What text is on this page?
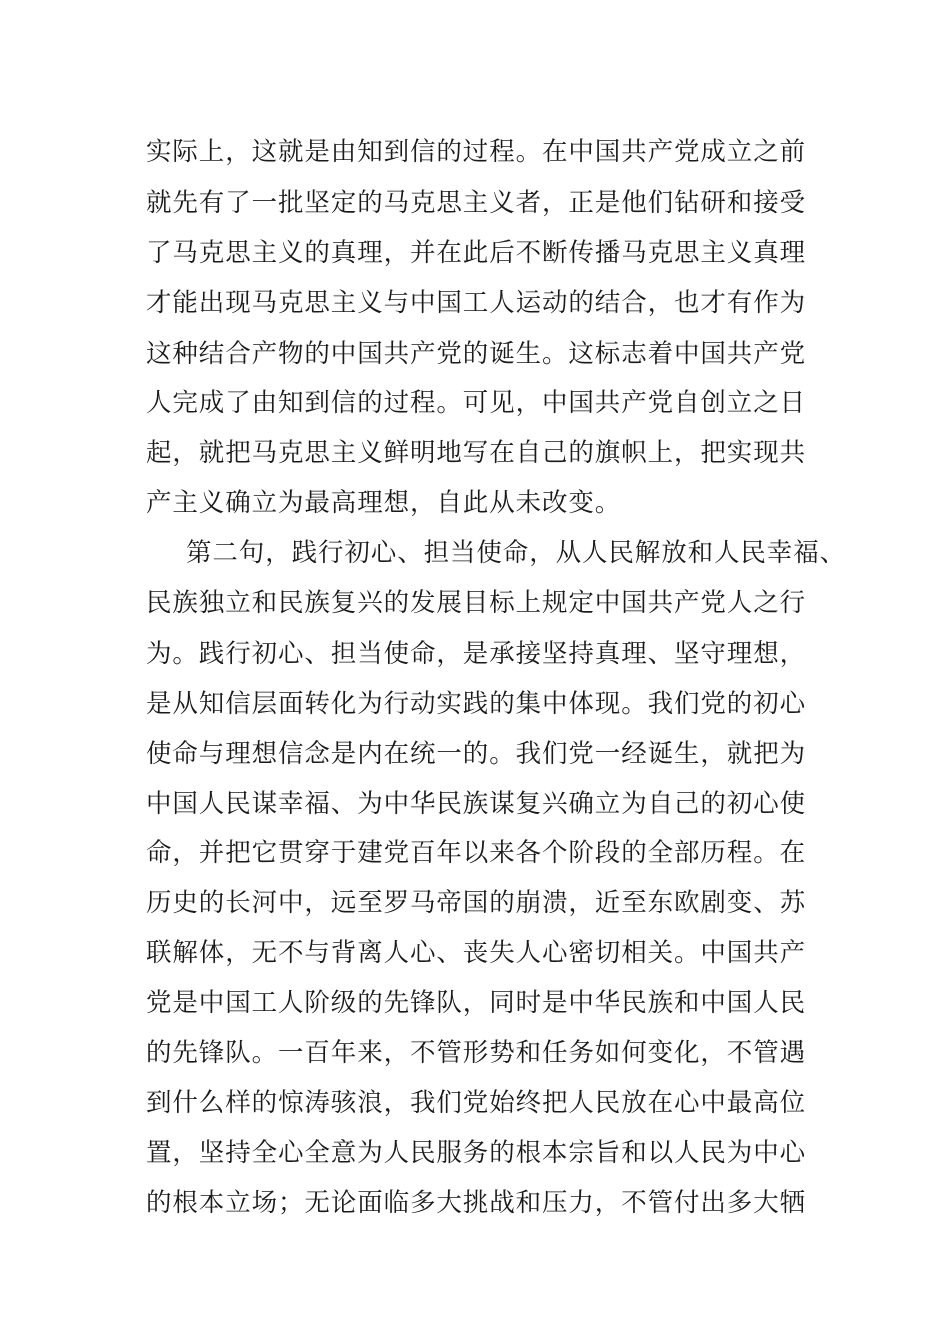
实际上，这就是由知到信的过程。在中国共产党成立之前
就先有了一批坚定的马克思主义者，正是他们钻研和接受
了马克思主义的真理，并在此后不断传播马克思主义真理
才能出现马克思主义与中国工人运动的结合，也才有作为
这种结合产物的中国共产党的诞生。这标志着中国共产党
人完成了由知到信的过程。可见，中国共产党自创立之日
起，就把马克思主义鲜明地写在自己的旗帜上，把实现共
产主义确立为最高理想，自此从未改变。
第二句，践行初心、担当使命，从人民解放和人民幸福、
民族独立和民族复兴的发展目标上规定中国共产党人之行
为。践行初心、担当使命，是承接坚持真理、坚守理想，
是从知信层面转化为行动实践的集中体现。我们党的初心
使命与理想信念是内在统一的。我们党一经诞生，就把为
中国人民谋幸福、为中华民族谋复兴确立为自己的初心使
命，并把它贯穿于建党百年以来各个阶段的全部历程。在
历史的长河中，远至罗马帝国的崩溃，近至东欧剧变、苏
联解体，无不与背离人心、丧失人心密切相关。中国共产
党是中国工人阶级的先锋队，同时是中华民族和中国人民
的先锋队。一百年来，不管形势和任务如何变化，不管遇
到什么样的惊涛骇浪，我们党始终把人民放在心中最高位
置，坚持全心全意为人民服务的根本宗旨和以人民为中心
的根本立场；无论面临多大挑战和压力，不管付出多大牺
